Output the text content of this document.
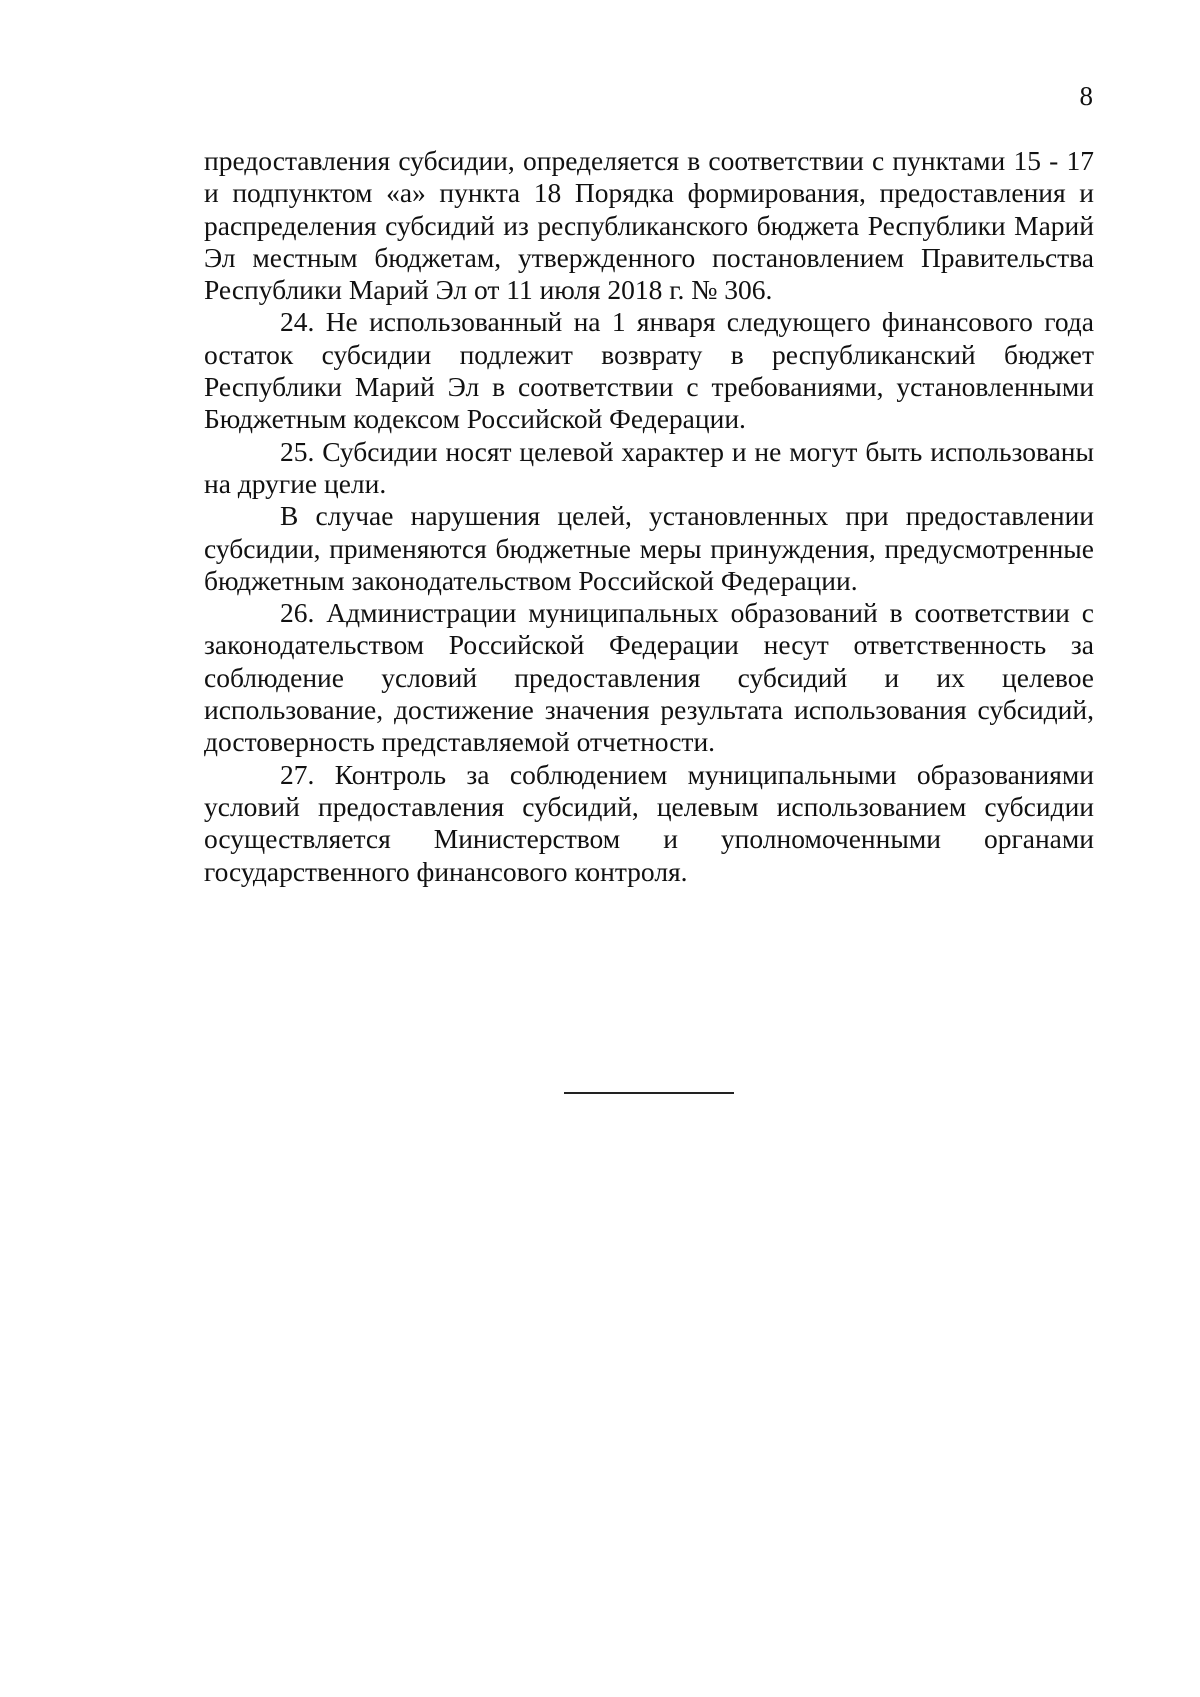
8

предоставления субсидии, определяется в соответствии с пунктами 15 - 17 и подпунктом «а» пункта 18 Порядка формирования, предоставления и распределения субсидий из республиканского бюджета Республики Марий Эл местным бюджетам, утвержденного постановлением Правительства Республики Марий Эл от 11 июля 2018 г. № 306.

24. Не использованный на 1 января следующего финансового года остаток субсидии подлежит возврату в республиканский бюджет Республики Марий Эл в соответствии с требованиями, установленными Бюджетным кодексом Российской Федерации.

25. Субсидии носят целевой характер и не могут быть использованы на другие цели.

В случае нарушения целей, установленных при предоставлении субсидии, применяются бюджетные меры принуждения, предусмотренные бюджетным законодательством Российской Федерации.

26. Администрации муниципальных образований в соответствии с законодательством Российской Федерации несут ответственность за соблюдение условий предоставления субсидий и их целевое использование, достижение значения результата использования субсидий, достоверность представляемой отчетности.

27. Контроль за соблюдением муниципальными образованиями условий предоставления субсидий, целевым использованием субсидии осуществляется Министерством и уполномоченными органами государственного финансового контроля.
